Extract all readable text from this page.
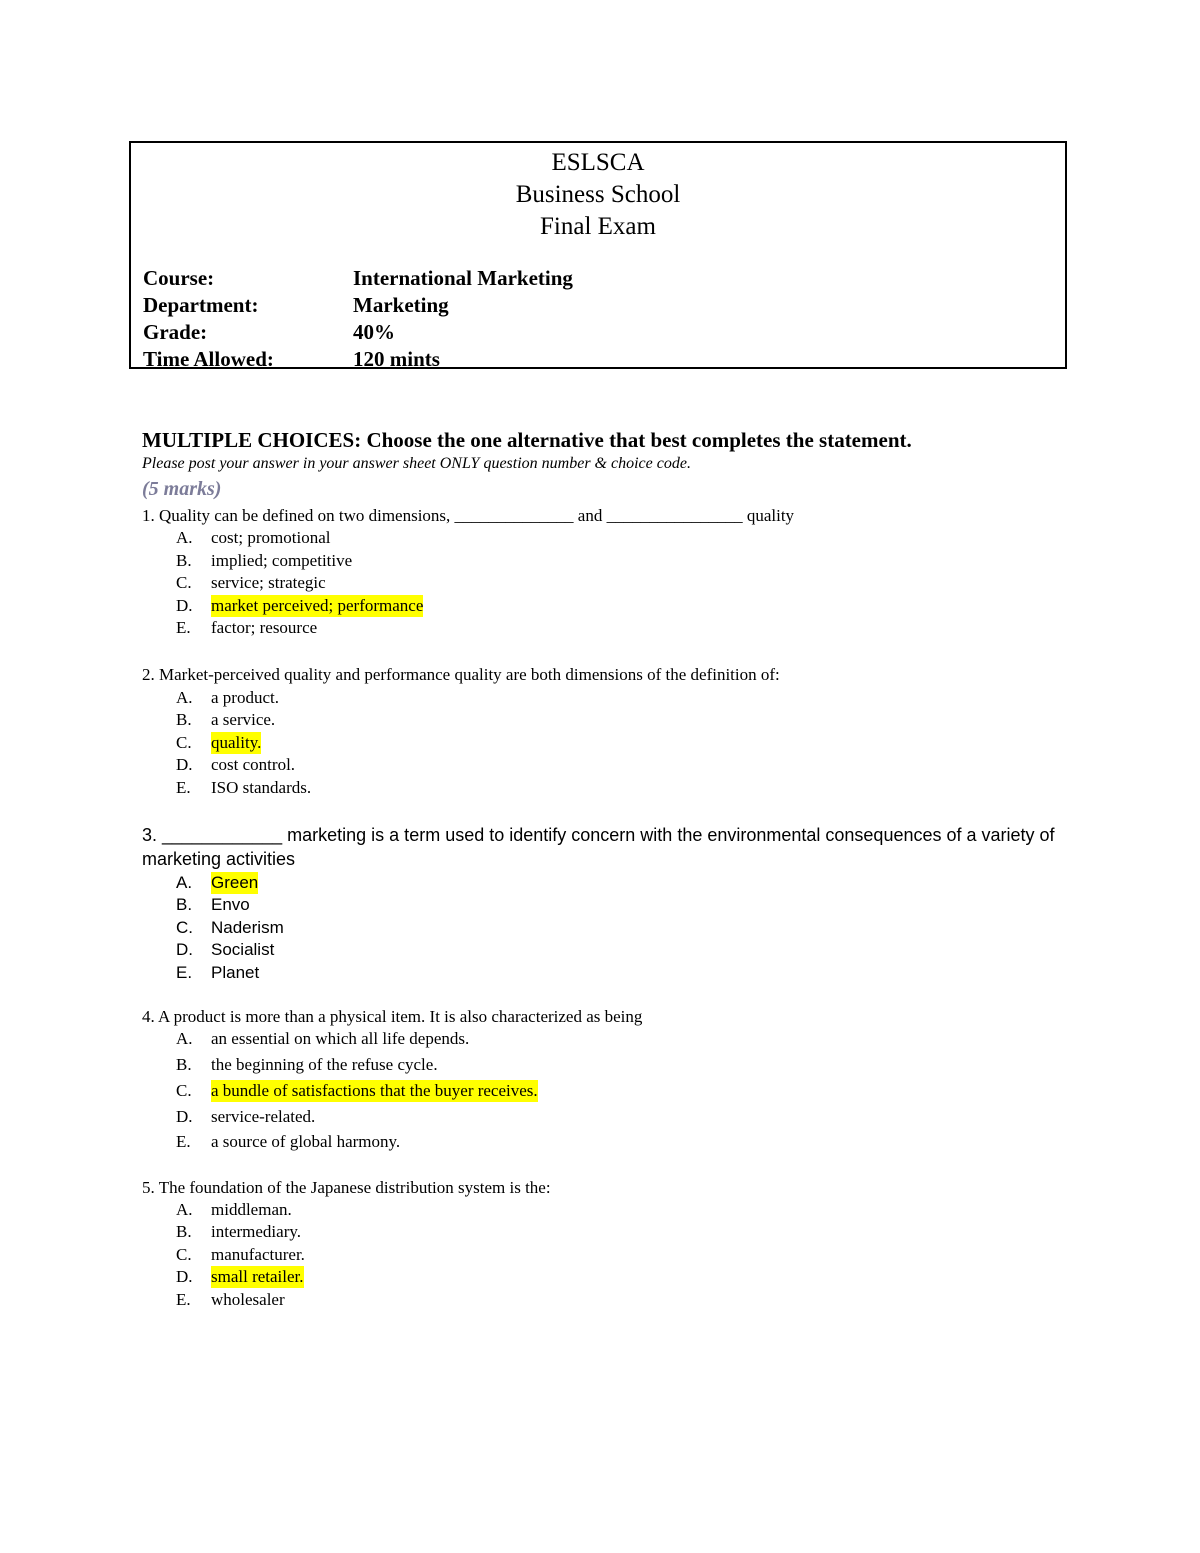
ESLSCA
Business School
Final Exam
Course:	International Marketing
Department:	Marketing
Grade:	40%
Time Allowed:	120 mints
MULTIPLE CHOICES: Choose the one alternative that best completes the statement.
Please post your answer in your answer sheet ONLY question number & choice code.
(5 marks)
1. Quality can be defined on two dimensions, ______________ and ________________ quality
A. cost; promotional
B. implied; competitive
C. service; strategic
D. market perceived; performance
E. factor; resource
2. Market-perceived quality and performance quality are both dimensions of the definition of:
A. a product.
B. a service.
C. quality.
D. cost control.
E. ISO standards.
3. ____________ marketing is a term used to identify concern with the environmental consequences of a variety of marketing activities
A. Green
B. Envo
C. Naderism
D. Socialist
E. Planet
4. A product is more than a physical item. It is also characterized as being
A. an essential on which all life depends.
B. the beginning of the refuse cycle.
C. a bundle of satisfactions that the buyer receives.
D. service-related.
E. a source of global harmony.
5. The foundation of the Japanese distribution system is the:
A. middleman.
B. intermediary.
C. manufacturer.
D. small retailer.
E. wholesaler
